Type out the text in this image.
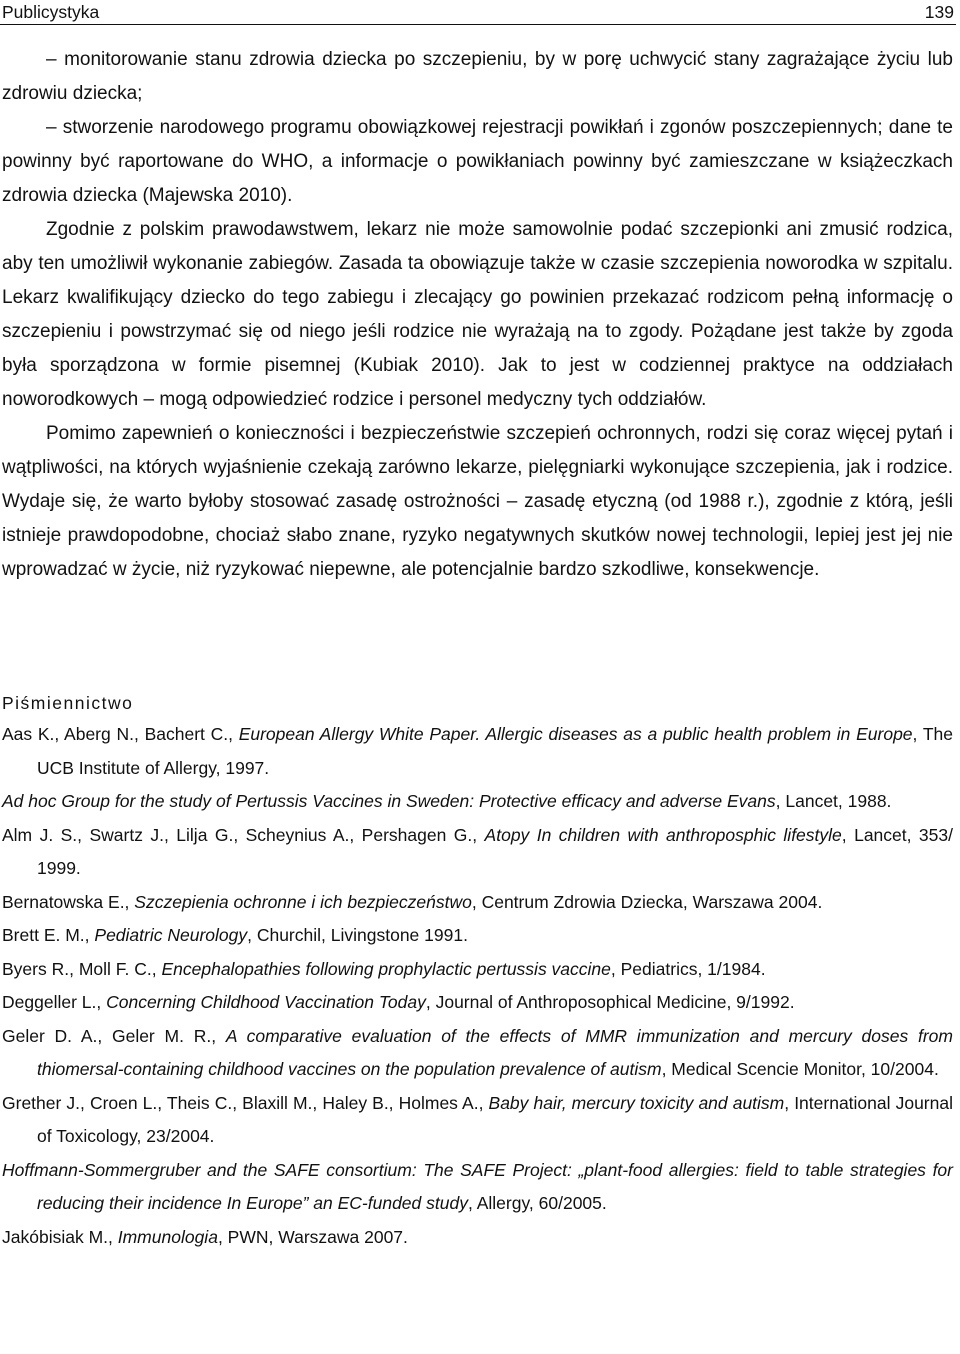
Publicystyka	139

– monitorowanie stanu zdrowia dziecka po szczepieniu, by w porę uchwycić stany zagrażające życiu lub zdrowiu dziecka;

– stworzenie narodowego programu obowiązkowej rejestracji powikłań i zgonów poszczepiennych; dane te powinny być raportowane do WHO, a informacje o powikłaniach powinny być zamieszczane w książeczkach zdrowia dziecka (Majewska 2010).

Zgodnie z polskim prawodawstwem, lekarz nie może samowolnie podać szczepionki ani zmusić rodzica, aby ten umożliwił wykonanie zabiegów. Zasada ta obowiązuje także w czasie szczepienia noworodka w szpitalu. Lekarz kwalifikujący dziecko do tego zabiegu i zlecający go powinien przekazać rodzicom pełną informację o szczepieniu i powstrzymać się od niego jeśli rodzice nie wyrażają na to zgody. Pożądane jest także by zgoda była sporządzona w formie pisemnej (Kubiak 2010). Jak to jest w codziennej praktyce na oddziałach noworodkowych – mogą odpowiedzieć rodzice i personel medyczny tych oddziałów.

Pomimo zapewnień o konieczności i bezpieczeństwie szczepień ochronnych, rodzi się coraz więcej pytań i wątpliwości, na których wyjaśnienie czekają zarówno lekarze, pielęgniarki wykonujące szczepienia, jak i rodzice. Wydaje się, że warto byłoby stosować zasadę ostrożności – zasadę etyczną (od 1988 r.), zgodnie z którą, jeśli istnieje prawdopodobne, chociaż słabo znane, ryzyko negatywnych skutków nowej technologii, lepiej jest jej nie wprowadzać w życie, niż ryzykować niepewne, ale potencjalnie bardzo szkodliwe, konsekwencje.

Piśmiennictwo

Aas K., Aberg N., Bachert C., European Allergy White Paper. Allergic diseases as a public health problem in Europe, The UCB Institute of Allergy, 1997.

Ad hoc Group for the study of Pertussis Vaccines in Sweden: Protective efficacy and adverse Evans, Lancet, 1988.

Alm J. S., Swartz J., Lilja G., Scheynius A., Pershagen G., Atopy In children with anthroposphic lifestyle, Lancet, 353/ 1999.

Bernatowska E., Szczepienia ochronne i ich bezpieczeństwo, Centrum Zdrowia Dziecka, Warszawa 2004.

Brett E. M., Pediatric Neurology, Churchil, Livingstone 1991.

Byers R., Moll F. C., Encephalopathies following prophylactic pertussis vaccine, Pediatrics, 1/1984.

Deggeller L., Concerning Childhood Vaccination Today, Journal of Anthroposophical Medicine, 9/1992.

Geler D. A., Geler M. R., A comparative evaluation of the effects of MMR immunization and mercury doses from thiomersal-containing childhood vaccines on the population prevalence of autism, Medical Scencie Monitor, 10/2004.

Grether J., Croen L., Theis C., Blaxill M., Haley B., Holmes A., Baby hair, mercury toxicity and autism, International Journal of Toxicology, 23/2004.

Hoffmann-Sommergruber and the SAFE consortium: The SAFE Project: „plant-food allergies: field to table strategies for reducing their incidence In Europe” an EC-funded study, Allergy, 60/2005.

Jakóbisiak M., Immunologia, PWN, Warszawa 2007.
